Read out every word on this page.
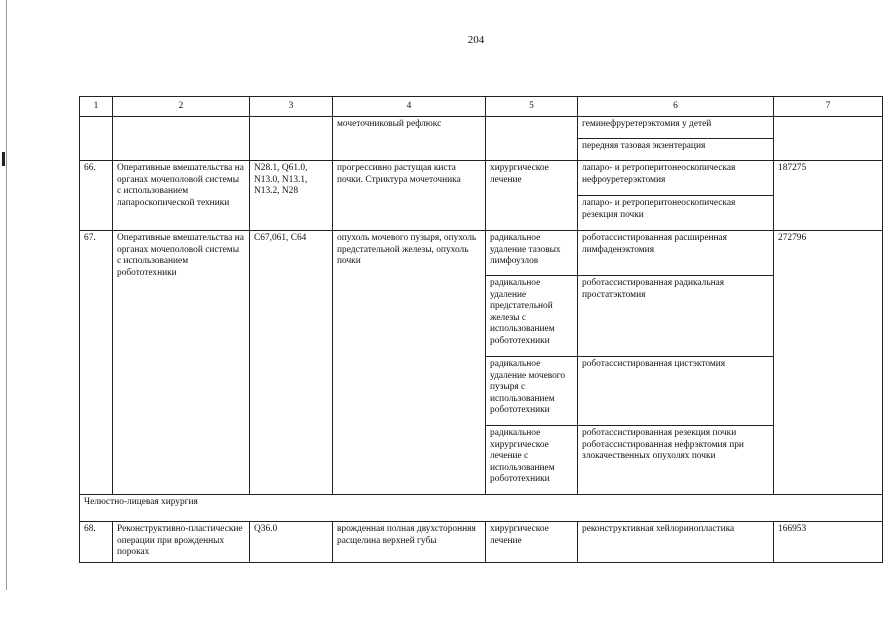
204
1	2	3	4	5	6	7
			мочеточниковый рефлюкс		геминефруретерэктомия у детей	
					передняя тазовая экзентерация	
66.	Оперативные вмешательства на органах мочеполовой системы с использованием лапароскопической техники	N28.1, Q61.0, N13.0, N13.1, N13.2, N28	прогрессивно растущая киста почки. Стриктура мочеточника	хирургическое лечение	лапаро- и ретроперитонеоскопическая нефроуретерэктомия	187275
					лапаро- и ретроперитонеоскопическая резекция почки	
67.	Оперативные вмешательства на органах мочеполовой системы с использованием робототехники	C67,061, C64	опухоль мочевого пузыря, опухоль предстательной железы, опухоль почки	радикальное удаление тазовых лимфоузлов	роботассистированная расширенная лимфаденэктомия	272796
				радикальное удаление предстательной железы с использованием робототехники	роботассистированная радикальная простатэктомия	
				радикальное удаление мочевого пузыря с использованием робототехники	роботассистированная цистэктомия	
				радикальное хирургическое лечение с использованием робототехники	роботассистированная резекция почки роботассистированная нефрэктомия при злокачественных опухолях почки	
Челюстно-лицевая хирургия						
68.	Реконструктивно-пластические операции при врожденных пороках	Q36.0	врожденная полная двухсторонняя расщелина верхней губы	хирургическое лечение	реконструктивная хейлоринопластика	166953
